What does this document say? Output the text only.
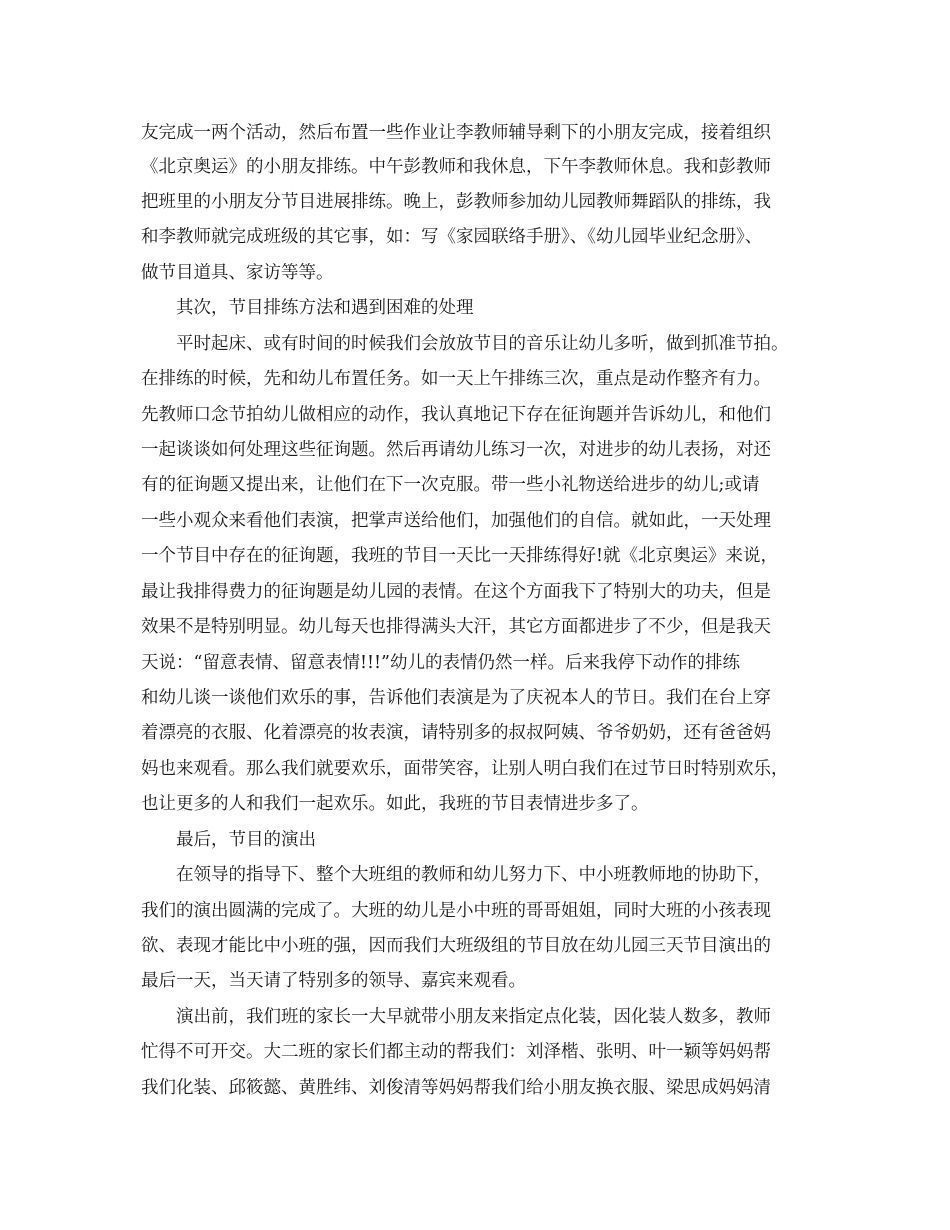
友完成一两个活动，然后布置一些作业让李教师辅导剩下的小朋友完成，接着组织
《北京奥运》的小朋友排练。中午彭教师和我休息，下午李教师休息。我和彭教师
把班里的小朋友分节目进展排练。晚上，彭教师参加幼儿园教师舞蹈队的排练，我
和李教师就完成班级的其它事，如：写《家园联络手册》、《幼儿园毕业纪念册》、
做节目道具、家访等等。
其次，节目排练方法和遇到困难的处理
平时起床、或有时间的时候我们会放放节目的音乐让幼儿多听，做到抓准节拍。
在排练的时候，先和幼儿布置任务。如一天上午排练三次，重点是动作整齐有力。
先教师口念节拍幼儿做相应的动作，我认真地记下存在征询题并告诉幼儿，和他们
一起谈谈如何处理这些征询题。然后再请幼儿练习一次，对进步的幼儿表扬，对还
有的征询题又提出来，让他们在下一次克服。带一些小礼物送给进步的幼儿;或请
一些小观众来看他们表演，把掌声送给他们，加强他们的自信。就如此，一天处理
一个节目中存在的征询题，我班的节目一天比一天排练得好!就《北京奥运》来说，
最让我排得费力的征询题是幼儿园的表情。在这个方面我下了特别大的功夫，但是
效果不是特别明显。幼儿每天也排得满头大汗，其它方面都进步了不少，但是我天
天说：“留意表情、留意表情!!!”幼儿的表情仍然一样。后来我停下动作的排练
和幼儿谈一谈他们欢乐的事，告诉他们表演是为了庆祝本人的节日。我们在台上穿
着漂亮的衣服、化着漂亮的妆表演，请特别多的叔叔阿姨、爷爷奶奶，还有爸爸妈
妈也来观看。那么我们就要欢乐，面带笑容，让别人明白我们在过节日时特别欢乐，
也让更多的人和我们一起欢乐。如此，我班的节目表情进步多了。
最后，节目的演出
在领导的指导下、整个大班组的教师和幼儿努力下、中小班教师地的协助下，
我们的演出圆满的完成了。大班的幼儿是小中班的哥哥姐姐，同时大班的小孩表现
欲、表现才能比中小班的强，因而我们大班级组的节目放在幼儿园三天节目演出的
最后一天，当天请了特别多的领导、嘉宾来观看。
演出前，我们班的家长一大早就带小朋友来指定点化装，因化装人数多，教师
忙得不可开交。大二班的家长们都主动的帮我们：刘泽楷、张明、叶一颖等妈妈帮
我们化装、邱筱懿、黄胜纬、刘俊清等妈妈帮我们给小朋友换衣服、梁思成妈妈清
